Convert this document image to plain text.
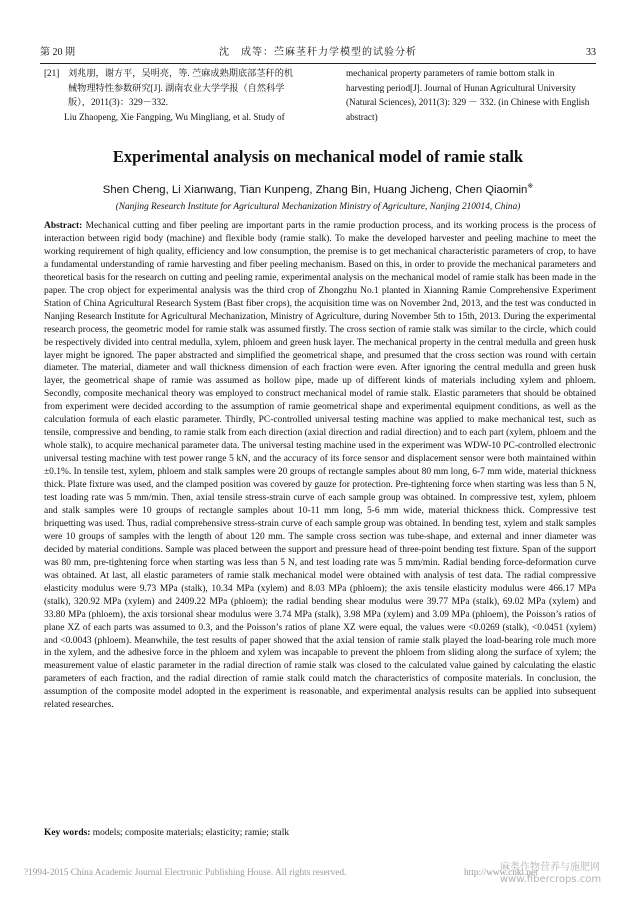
第 20 期	沈　成等：苎麻茎秆力学模型的试验分析	33
[21] 刘兆朋，谢方平，吴明亮，等. 苎麻成熟期底部茎秆的机械物理特性参数研究[J]. 湖南农业大学学报（自然科学版），2011(3)：329－332.
Liu Zhaopeng, Xie Fangping, Wu Mingliang, et al. Study of
mechanical property parameters of ramie bottom stalk in harvesting period[J]. Journal of Hunan Agricultural University (Natural Sciences), 2011(3): 329 － 332. (in Chinese with English abstract)
Experimental analysis on mechanical model of ramie stalk
Shen Cheng, Li Xianwang, Tian Kunpeng, Zhang Bin, Huang Jicheng, Chen Qiaomin※
(Nanjing Research Institute for Agricultural Mechanization Ministry of Agriculture, Nanjing 210014, China)
Abstract: Mechanical cutting and fiber peeling are important parts in the ramie production process, and its working process is the process of interaction between rigid body (machine) and flexible body (ramie stalk). To make the developed harvester and peeling machine to meet the working requirement of high quality, efficiency and low consumption, the premise is to get mechanical characteristic parameters of crop, to have a fundamental understanding of ramie harvesting and fiber peeling mechanism. Based on this, in order to provide the mechanical parameters and theoretical basis for the research on cutting and peeling ramie, experimental analysis on the mechanical model of ramie stalk has been made in the paper. The crop object for experimental analysis was the third crop of Zhongzhu No.1 planted in Xianning Ramie Comprehensive Experiment Station of China Agricultural Research System (Bast fiber crops), the acquisition time was on November 2nd, 2013, and the test was conducted in Nanjing Research Institute for Agricultural Mechanization, Ministry of Agriculture, during November 5th to 15th, 2013. During the experimental research process, the geometric model for ramie stalk was assumed firstly. The cross section of ramie stalk was similar to the circle, which could be respectively divided into central medulla, xylem, phloem and green husk layer. The mechanical property in the central medulla and green husk layer might be ignored. The paper abstracted and simplified the geometrical shape, and presumed that the cross section was round with certain diameter. The material, diameter and wall thickness dimension of each fraction were even. After ignoring the central medulla and green husk layer, the geometrical shape of ramie was assumed as hollow pipe, made up of different kinds of materials including xylem and phloem. Secondly, composite mechanical theory was employed to construct mechanical model of ramie stalk. Elastic parameters that should be obtained from experiment were decided according to the assumption of ramie geometrical shape and experimental equipment conditions, as well as the calculation formula of each elastic parameter. Thirdly, PC-controlled universal testing machine was applied to make mechanical test, such as tensile, compressive and bending, to ramie stalk from each direction (axial direction and radial direction) and to each part (xylem, phloem and the whole stalk), to acquire mechanical parameter data. The universal testing machine used in the experiment was WDW-10 PC-controlled electronic universal testing machine with test power range 5 kN, and the accuracy of its force sensor and displacement sensor were both maintained within ±0.1%. In tensile test, xylem, phloem and stalk samples were 20 groups of rectangle samples about 80 mm long, 6-7 mm wide, material thickness thick. Plate fixture was used, and the clamped position was covered by gauze for protection. Pre-tightening force when starting was less than 5 N, test loading rate was 5 mm/min. Then, axial tensile stress-strain curve of each sample group was obtained. In compressive test, xylem, phloem and stalk samples were 10 groups of rectangle samples about 10-11 mm long, 5-6 mm wide, material thickness thick. Compressive test briquetting was used. Thus, radial comprehensive stress-strain curve of each sample group was obtained. In bending test, xylem and stalk samples were 10 groups of samples with the length of about 120 mm. The sample cross section was tube-shape, and external and inner diameter was decided by material conditions. Sample was placed between the support and pressure head of three-point bending test fixture. Span of the support was 80 mm, pre-tightening force when starting was less than 5 N, and test loading rate was 5 mm/min. Radial bending force-deformation curve was obtained. At last, all elastic parameters of ramie stalk mechanical model were obtained with analysis of test data. The radial compressive elasticity modulus were 9.73 MPa (stalk), 10.34 MPa (xylem) and 8.03 MPa (phloem); the axis tensile elasticity modulus were 466.17 MPa (stalk), 320.92 MPa (xylem) and 2409.22 MPa (phloem); the radial bending shear modulus were 39.77 MPa (stalk), 69.02 MPa (xylem) and 33.80 MPa (phloem), the axis torsional shear modulus were 3.74 MPa (stalk), 3.98 MPa (xylem) and 3.09 MPa (phloem), the Poisson’s ratios of plane XZ of each parts was assumed to 0.3, and the Poisson’s ratios of plane XZ were equal, the values were <0.0269 (stalk), <0.0451 (xylem) and <0.0043 (phloem). Meanwhile, the test results of paper showed that the axial tension of ramie stalk played the load-bearing role much more in the xylem, and the adhesive force in the phloem and xylem was incapable to prevent the phloem from sliding along the surface of xylem; the measurement value of elastic parameter in the radial direction of ramie stalk was closed to the calculated value gained by calculating the elastic parameters of each fraction, and the radial direction of ramie stalk could match the characteristics of composite materials. In conclusion, the assumption of the composite model adopted in the experiment is reasonable, and experimental analysis results can be applied into subsequent related researches.
Key words: models; composite materials; elasticity; ramie; stalk
?1994-2015 China Academic Journal Electronic Publishing House. All rights reserved.	http://www.cnki.net
麻类作物营养与施肥网
www.fibercrops.com
